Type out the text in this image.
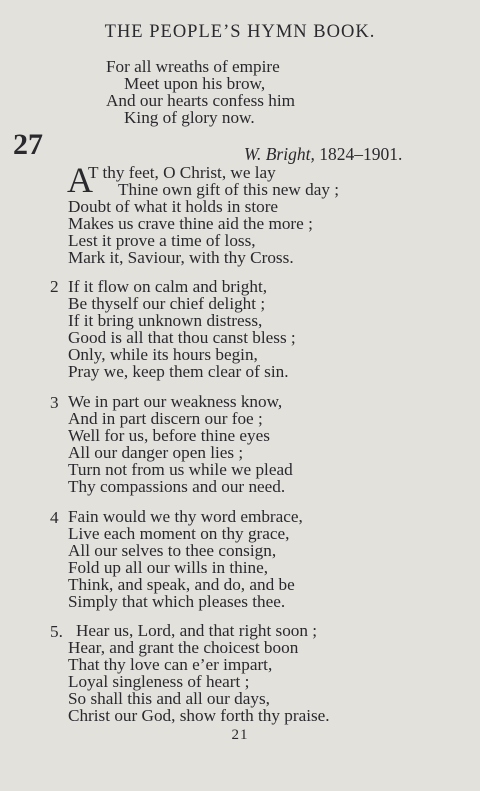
THE PEOPLE’S HYMN BOOK.
For all wreaths of empire
Meet upon his brow,
And our hearts confess him
King of glory now.
27	W. Bright, 1824–1901.
A
T thy feet, O Christ, we lay
Thine own gift of this new day ;
Doubt of what it holds in store
Makes us crave thine aid the more ;
Lest it prove a time of loss,
Mark it, Saviour, with thy Cross.
2 If it flow on calm and bright,
Be thyself our chief delight ;
If it bring unknown distress,
Good is all that thou canst bless ;
Only, while its hours begin,
Pray we, keep them clear of sin.
3 We in part our weakness know,
And in part discern our foe ;
Well for us, before thine eyes
All our danger open lies ;
Turn not from us while we plead
Thy compassions and our need.
4 Fain would we thy word embrace,
Live each moment on thy grace,
All our selves to thee consign,
Fold up all our wills in thine,
Think, and speak, and do, and be
Simply that which pleases thee.
5. Hear us, Lord, and that right soon ;
Hear, and grant the choicest boon
That thy love can e’er impart,
Loyal singleness of heart ;
So shall this and all our days,
Christ our God, show forth thy praise.
21
